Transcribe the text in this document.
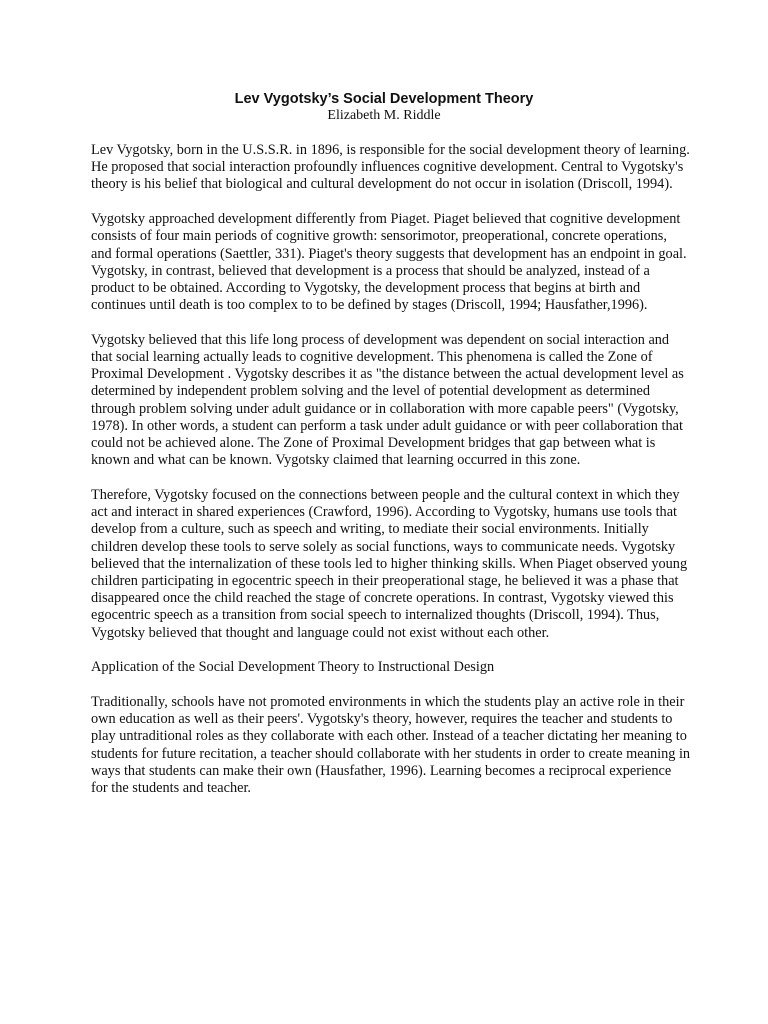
Lev Vygotsky’s Social Development Theory
Elizabeth M. Riddle

Lev Vygotsky, born in the U.S.S.R. in 1896, is responsible for the social development theory of learning. He proposed that social interaction profoundly influences cognitive development. Central to Vygotsky's theory is his belief that biological and cultural development do not occur in isolation (Driscoll, 1994).

Vygotsky approached development differently from Piaget. Piaget believed that cognitive development consists of four main periods of cognitive growth: sensorimotor, preoperational, concrete operations, and formal operations (Saettler, 331). Piaget's theory suggests that development has an endpoint in goal. Vygotsky, in contrast, believed that development is a process that should be analyzed, instead of a product to be obtained. According to Vygotsky, the development process that begins at birth and continues until death is too complex to to be defined by stages (Driscoll, 1994; Hausfather,1996).

Vygotsky believed that this life long process of development was dependent on social interaction and that social learning actually leads to cognitive development. This phenomena is called the Zone of Proximal Development . Vygotsky describes it as "the distance between the actual development level as determined by independent problem solving and the level of potential development as determined through problem solving under adult guidance or in collaboration with more capable peers" (Vygotsky, 1978). In other words, a student can perform a task under adult guidance or with peer collaboration that could not be achieved alone. The Zone of Proximal Development bridges that gap between what is known and what can be known. Vygotsky claimed that learning occurred in this zone.

Therefore, Vygotsky focused on the connections between people and the cultural context in which they act and interact in shared experiences (Crawford, 1996). According to Vygotsky, humans use tools that develop from a culture, such as speech and writing, to mediate their social environments. Initially children develop these tools to serve solely as social functions, ways to communicate needs. Vygotsky believed that the internalization of these tools led to higher thinking skills. When Piaget observed young children participating in egocentric speech in their preoperational stage, he believed it was a phase that disappeared once the child reached the stage of concrete operations. In contrast, Vygotsky viewed this egocentric speech as a transition from social speech to internalized thoughts (Driscoll, 1994). Thus, Vygotsky believed that thought and language could not exist without each other.

Application of the Social Development Theory to Instructional Design

Traditionally, schools have not promoted environments in which the students play an active role in their own education as well as their peers'. Vygotsky's theory, however, requires the teacher and students to play untraditional roles as they collaborate with each other. Instead of a teacher dictating her meaning to students for future recitation, a teacher should collaborate with her students in order to create meaning in ways that students can make their own (Hausfather, 1996). Learning becomes a reciprocal experience for the students and teacher.
